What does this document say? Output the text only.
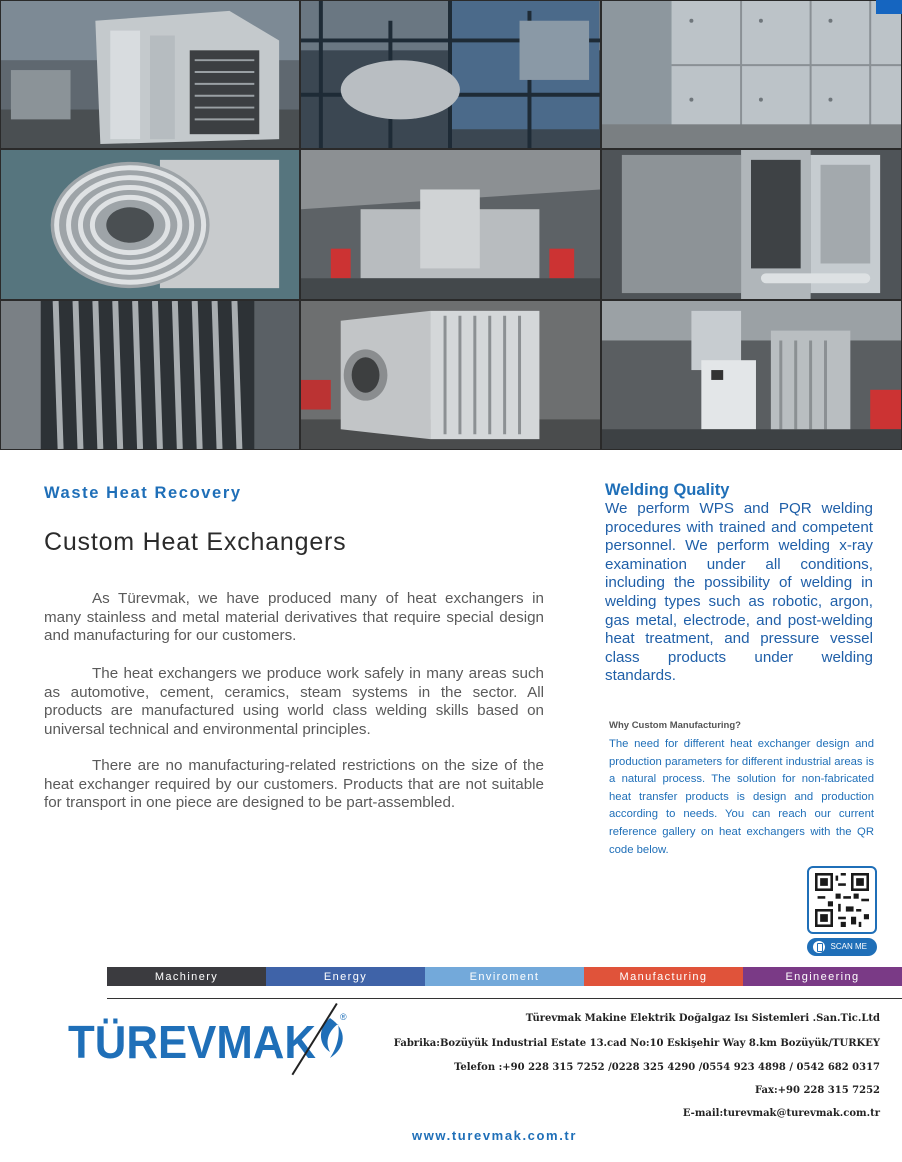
Waste Heat Recovery
Custom Heat Exchangers

As Türevmak, we have produced many of heat exchangers in many stainless and metal material derivatives that require special design and manufacturing for our customers.

The heat exchangers we produce work safely in many areas such as automotive, cement, ceramics, steam systems in the sector. All products are manufactured using world class welding skills based on universal technical and environmental principles.

There are no manufacturing-related restrictions on the size of the heat exchanger required by our customers. Products that are not suitable for transport in one piece are designed to be part-assembled.

Welding Quality

We perform WPS and PQR welding procedures with trained and competent personnel. We perform welding x-ray examination under all conditions, including the possibility of welding in welding types such as robotic, argon, gas metal, electrode, and post-welding heat treatment, and pressure vessel class products under welding standards.

Why Custom Manufacturing?

The need for different heat exchanger design and production parameters for different industrial areas is a natural process. The solution for non-fabricated heat transfer products is design and production according to needs. You can reach our current reference gallery on heat exchangers with the QR code below.

SCAN ME
Machinery	Energy	Enviroment	Manufacturing	Engineering
TÜREVMAK	®	Türevmak Makine Elektrik Doğalgaz Isı Sistemleri .San.Tic.Ltd
Fabrika:Bozüyük Industrial Estate 13.cad No:10 Eskişehir Way 8.km Bozüyük/TURKEY
Telefon :+90 228 315 7252 /0228 325 4290 /0554 923 4898 / 0542 682 0317
Fax:+90 228 315 7252
E-mail:turevmak@turevmak.com.tr
www.turevmak.com.tr
